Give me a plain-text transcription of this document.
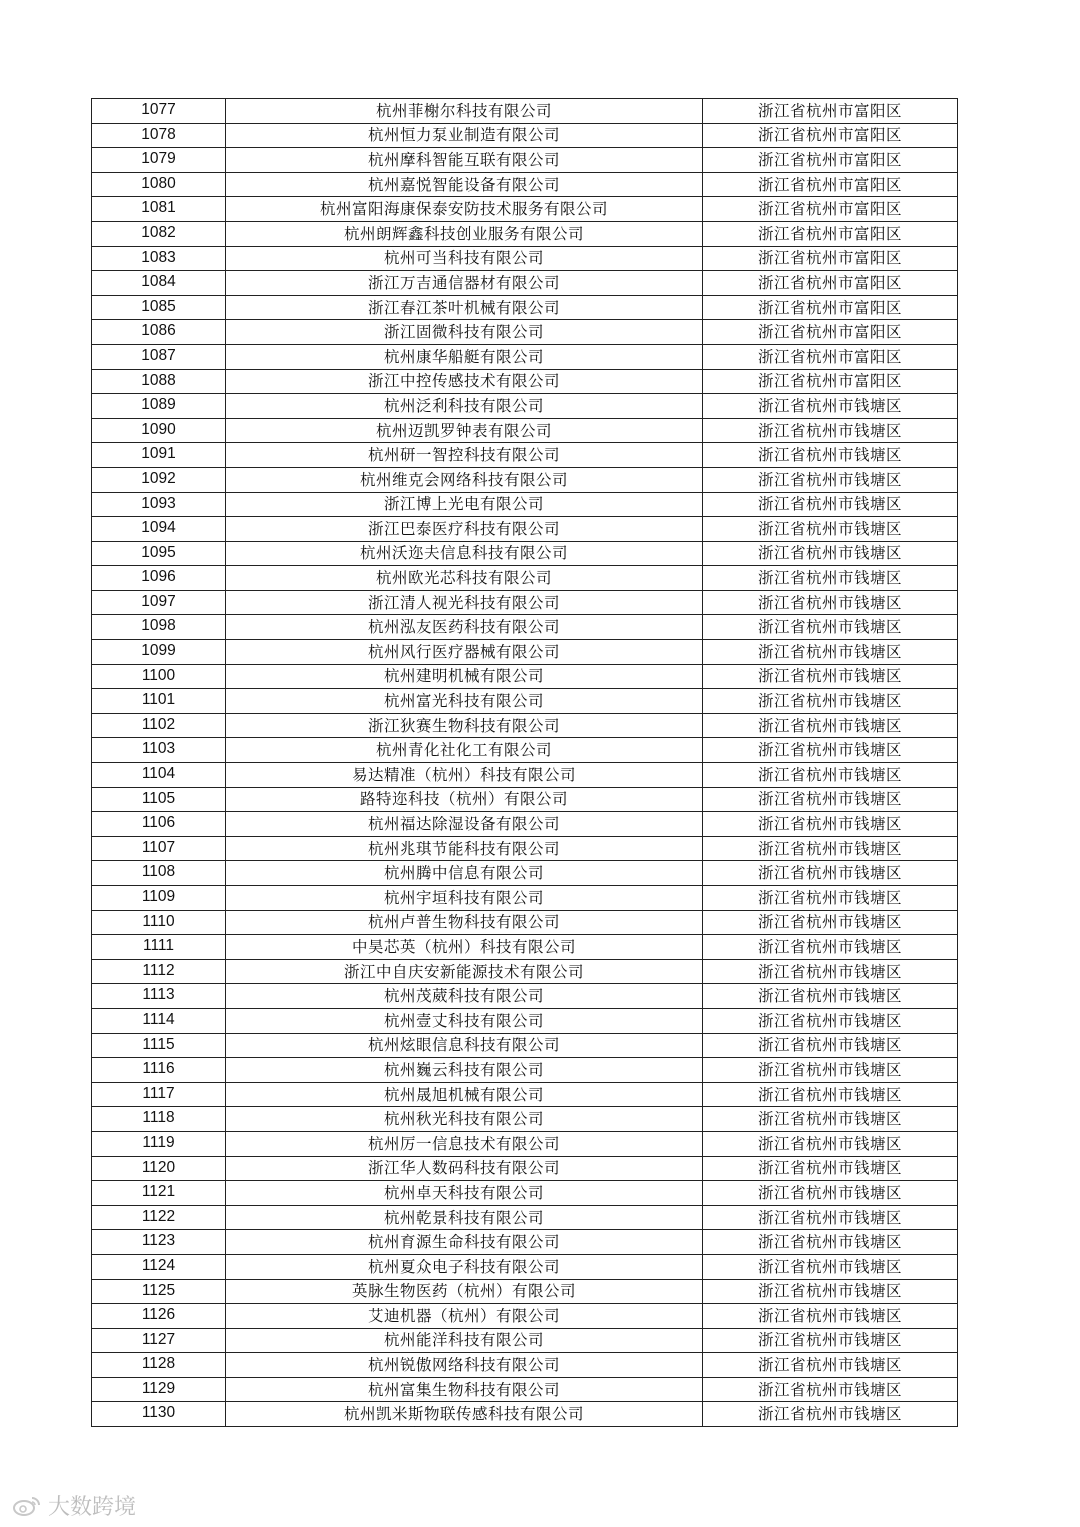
1077	杭州菲榭尔科技有限公司	浙江省杭州市富阳区
1078	杭州恒力泵业制造有限公司	浙江省杭州市富阳区
1079	杭州摩科智能互联有限公司	浙江省杭州市富阳区
1080	杭州嘉悦智能设备有限公司	浙江省杭州市富阳区
1081	杭州富阳海康保泰安防技术服务有限公司	浙江省杭州市富阳区
1082	杭州朗辉鑫科技创业服务有限公司	浙江省杭州市富阳区
1083	杭州可当科技有限公司	浙江省杭州市富阳区
1084	浙江万吉通信器材有限公司	浙江省杭州市富阳区
1085	浙江春江茶叶机械有限公司	浙江省杭州市富阳区
1086	浙江固微科技有限公司	浙江省杭州市富阳区
1087	杭州康华船艇有限公司	浙江省杭州市富阳区
1088	浙江中控传感技术有限公司	浙江省杭州市富阳区
1089	杭州泛利科技有限公司	浙江省杭州市钱塘区
1090	杭州迈凯罗钟表有限公司	浙江省杭州市钱塘区
1091	杭州研一智控科技有限公司	浙江省杭州市钱塘区
1092	杭州维克会网络科技有限公司	浙江省杭州市钱塘区
1093	浙江博上光电有限公司	浙江省杭州市钱塘区
1094	浙江巴泰医疗科技有限公司	浙江省杭州市钱塘区
1095	杭州沃迩夫信息科技有限公司	浙江省杭州市钱塘区
1096	杭州欧光芯科技有限公司	浙江省杭州市钱塘区
1097	浙江清人视光科技有限公司	浙江省杭州市钱塘区
1098	杭州泓友医药科技有限公司	浙江省杭州市钱塘区
1099	杭州风行医疗器械有限公司	浙江省杭州市钱塘区
1100	杭州建明机械有限公司	浙江省杭州市钱塘区
1101	杭州富光科技有限公司	浙江省杭州市钱塘区
1102	浙江狄赛生物科技有限公司	浙江省杭州市钱塘区
1103	杭州青化社化工有限公司	浙江省杭州市钱塘区
1104	易达精准（杭州）科技有限公司	浙江省杭州市钱塘区
1105	路特迩科技（杭州）有限公司	浙江省杭州市钱塘区
1106	杭州福达除湿设备有限公司	浙江省杭州市钱塘区
1107	杭州兆琪节能科技有限公司	浙江省杭州市钱塘区
1108	杭州腾中信息有限公司	浙江省杭州市钱塘区
1109	杭州宇垣科技有限公司	浙江省杭州市钱塘区
1110	杭州卢普生物科技有限公司	浙江省杭州市钱塘区
1111	中昊芯英（杭州）科技有限公司	浙江省杭州市钱塘区
1112	浙江中自庆安新能源技术有限公司	浙江省杭州市钱塘区
1113	杭州茂葳科技有限公司	浙江省杭州市钱塘区
1114	杭州壹丈科技有限公司	浙江省杭州市钱塘区
1115	杭州炫眼信息科技有限公司	浙江省杭州市钱塘区
1116	杭州巍云科技有限公司	浙江省杭州市钱塘区
1117	杭州晟旭机械有限公司	浙江省杭州市钱塘区
1118	杭州秋光科技有限公司	浙江省杭州市钱塘区
1119	杭州厉一信息技术有限公司	浙江省杭州市钱塘区
1120	浙江华人数码科技有限公司	浙江省杭州市钱塘区
1121	杭州卓天科技有限公司	浙江省杭州市钱塘区
1122	杭州乾景科技有限公司	浙江省杭州市钱塘区
1123	杭州育源生命科技有限公司	浙江省杭州市钱塘区
1124	杭州夏众电子科技有限公司	浙江省杭州市钱塘区
1125	英脉生物医药（杭州）有限公司	浙江省杭州市钱塘区
1126	艾迪机器（杭州）有限公司	浙江省杭州市钱塘区
1127	杭州能洋科技有限公司	浙江省杭州市钱塘区
1128	杭州锐傲网络科技有限公司	浙江省杭州市钱塘区
1129	杭州富集生物科技有限公司	浙江省杭州市钱塘区
1130	杭州凯米斯物联传感科技有限公司	浙江省杭州市钱塘区
大数跨境
